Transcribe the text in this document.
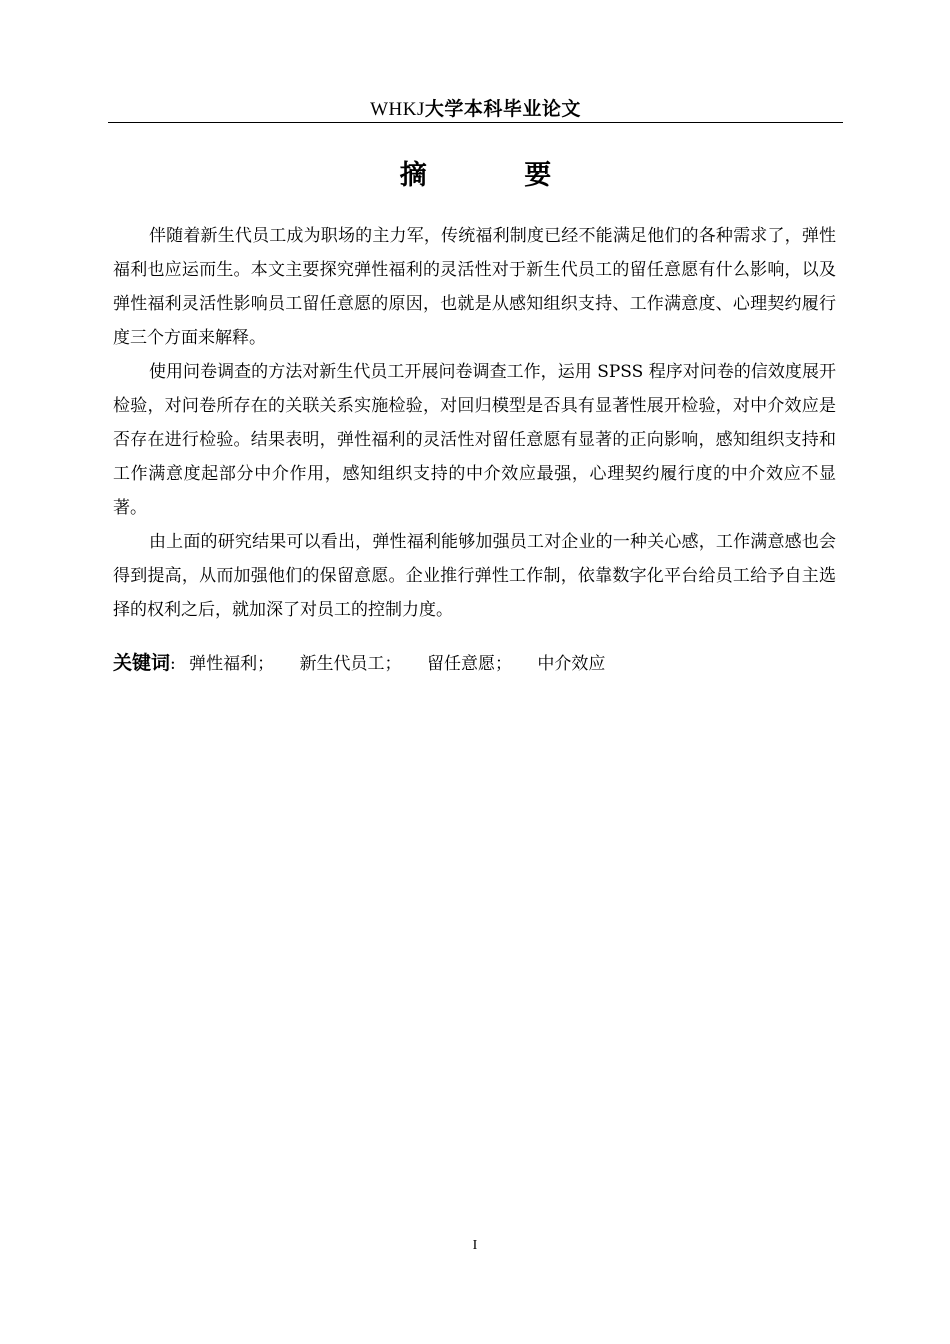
WHKJ大学本科毕业论文
摘 要

伴随着新生代员工成为职场的主力军，传统福利制度已经不能满足他们的各种需求了，弹性福利也应运而生。本文主要探究弹性福利的灵活性对于新生代员工的留任意愿有什么影响，以及弹性福利灵活性影响员工留任意愿的原因，也就是从感知组织支持、工作满意度、心理契约履行度三个方面来解释。

使用问卷调查的方法对新生代员工开展问卷调查工作，运用 SPSS 程序对问卷的信效度展开检验，对问卷所存在的关联关系实施检验，对回归模型是否具有显著性展开检验，对中介效应是否存在进行检验。结果表明，弹性福利的灵活性对留任意愿有显著的正向影响，感知组织支持和工作满意度起部分中介作用，感知组织支持的中介效应最强，心理契约履行度的中介效应不显著。

由上面的研究结果可以看出，弹性福利能够加强员工对企业的一种关心感，工作满意感也会得到提高，从而加强他们的保留意愿。企业推行弹性工作制，依靠数字化平台给员工给予自主选择的权利之后，就加深了对员工的控制力度。

关键词: 弹性福利； 新生代员工； 留任意愿； 中介效应
I
